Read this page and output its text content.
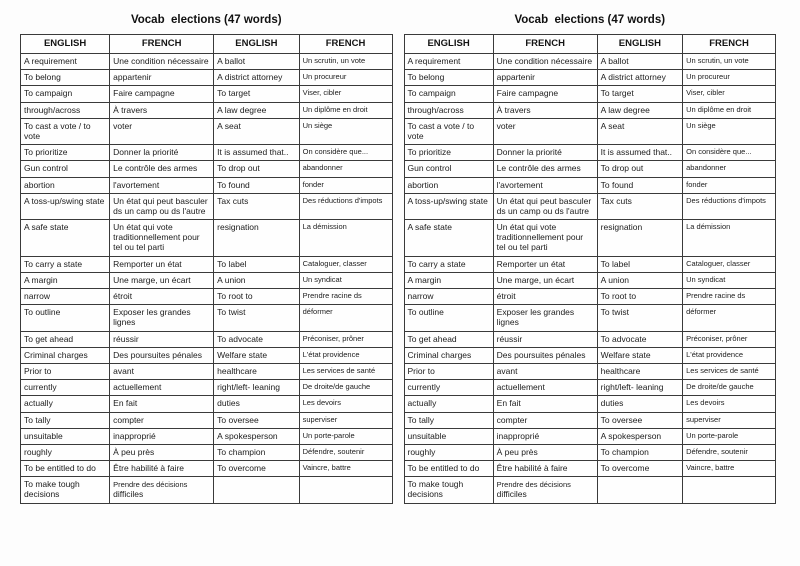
Vocab  elections (47 words)
ENGLISH	FRENCH	ENGLISH	FRENCH
A requirement	Une condition nécessaire	A ballot	Un scrutin, un vote
To belong	appartenir	A district attorney	Un procureur
To campaign	Faire campagne	To target	Viser, cibler
through/across	À travers	A law degree	Un diplôme en droit
To cast a vote / to vote	voter	A seat	Un siège
To prioritize	Donner la priorité	It is assumed that..	On considère que...
Gun control	Le contrôle des armes	To drop out	abandonner
abortion	l'avortement	To found	fonder
A toss-up/swing state	Un état qui peut basculer ds un camp ou ds l'autre	Tax cuts	Des réductions d'impots
A safe state	Un état qui vote traditionnellement pour tel ou tel parti	resignation	La démission
To carry a state	Remporter un état	To label	Cataloguer, classer
A margin	Une marge, un écart	A union	Un syndicat
narrow	étroit	To root to	Prendre racine ds
To outline	Exposer les grandes lignes	To twist	déformer
To get ahead	réussir	To advocate	Préconiser, prôner
Criminal charges	Des poursuites pénales	Welfare state	L'état providence
Prior to	avant	healthcare	Les services de santé
currently	actuellement	right/left- leaning	De droite/de gauche
actually	En fait	duties	Les devoirs
To tally	compter	To oversee	superviser
unsuitable	inapproprié	A spokesperson	Un porte-parole
roughly	À peu près	To champion	Défendre, soutenir
To be entitled to do	Être habilité à faire	To overcome	Vaincre, battre
To make tough decisions	Prendre des décisions difficiles		
Vocab  elections (47 words)
ENGLISH	FRENCH	ENGLISH	FRENCH
A requirement	Une condition nécessaire	A ballot	Un scrutin, un vote
To belong	appartenir	A district attorney	Un procureur
To campaign	Faire campagne	To target	Viser, cibler
through/across	À travers	A law degree	Un diplôme en droit
To cast a vote / to vote	voter	A seat	Un siège
To prioritize	Donner la priorité	It is assumed that..	On considère que...
Gun control	Le contrôle des armes	To drop out	abandonner
abortion	l'avortement	To found	fonder
A toss-up/swing state	Un état qui peut basculer ds un camp ou ds l'autre	Tax cuts	Des réductions d'impots
A safe state	Un état qui vote traditionnellement pour tel ou tel parti	resignation	La démission
To carry a state	Remporter un état	To label	Cataloguer, classer
A margin	Une marge, un écart	A union	Un syndicat
narrow	étroit	To root to	Prendre racine ds
To outline	Exposer les grandes lignes	To twist	déformer
To get ahead	réussir	To advocate	Préconiser, prôner
Criminal charges	Des poursuites pénales	Welfare state	L'état providence
Prior to	avant	healthcare	Les services de santé
currently	actuellement	right/left- leaning	De droite/de gauche
actually	En fait	duties	Les devoirs
To tally	compter	To oversee	superviser
unsuitable	inapproprié	A spokesperson	Un porte-parole
roughly	À peu près	To champion	Défendre, soutenir
To be entitled to do	Être habilité à faire	To overcome	Vaincre, battre
To make tough decisions	Prendre des décisions difficiles		
